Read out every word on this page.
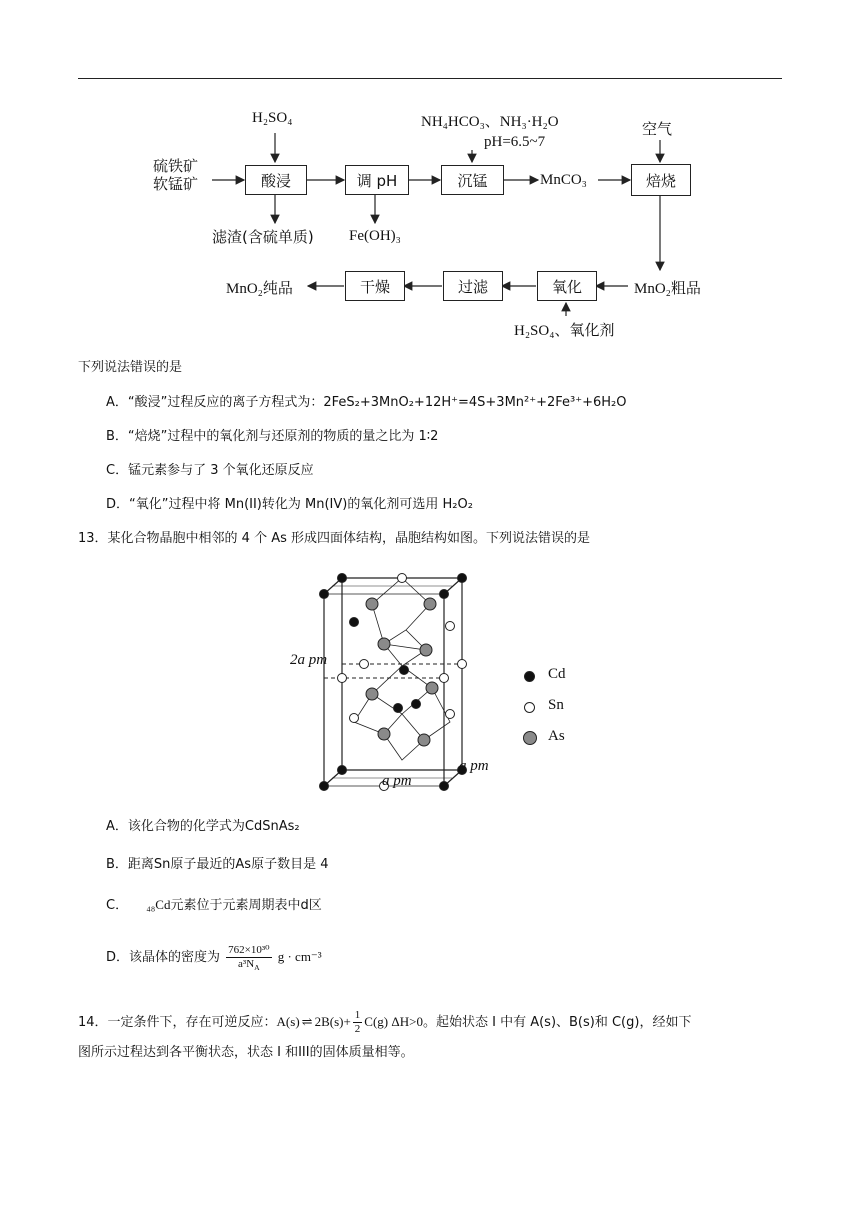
H₂SO₄	NH₄HCO₃、NH₃·H₂O
pH=6.5~7
空气
硫铁矿
软锰矿	酸浸	调 pH	沉锰	MnCO₃	焙烧
滤渣(含硫单质) Fe(OH)₃
MnO₂粗品
氧化
过滤
干燥
MnO₂纯品
H₂SO₄、氧化剂
下列说法错误的是
A．“酸浸”过程反应的离子方程式为：2FeS₂+3MnO₂+12H⁺=4S+3Mn²⁺+2Fe³⁺+6H₂O
B．“焙烧”过程中的氧化剂与还原剂的物质的量之比为 1∶2
C．锰元素参与了 3 个氧化还原反应
D．“氧化”过程中将 Mn(II)转化为 Mn(IV)的氧化剂可选用 H₂O₂
13．某化合物晶胞中相邻的 4 个 As 形成四面体结构，晶胞结构如图。下列说法错误的是
2a pm
a pm
a pm
Cd
Sn
As
A．该化合物的化学式为CdSnAs₂
B．距离Sn原子最近的As原子数目是 4
C． ₄₈Cd元素位于元素周期表中d区
D．该晶体的密度为 $\frac{\text{762×10³⁰}}{a^3N_A}$ g · cm⁻³
14．一定条件下，存在可逆反应：A(s) ⇌ $2B(s)+ \frac{1}{2} C(g)$ ΔH>0。起始状态 I 中有 A(s)、B(s)和 C(g)，经如下
图所示过程达到各平衡状态，状态 I 和III的固体质量相等。
